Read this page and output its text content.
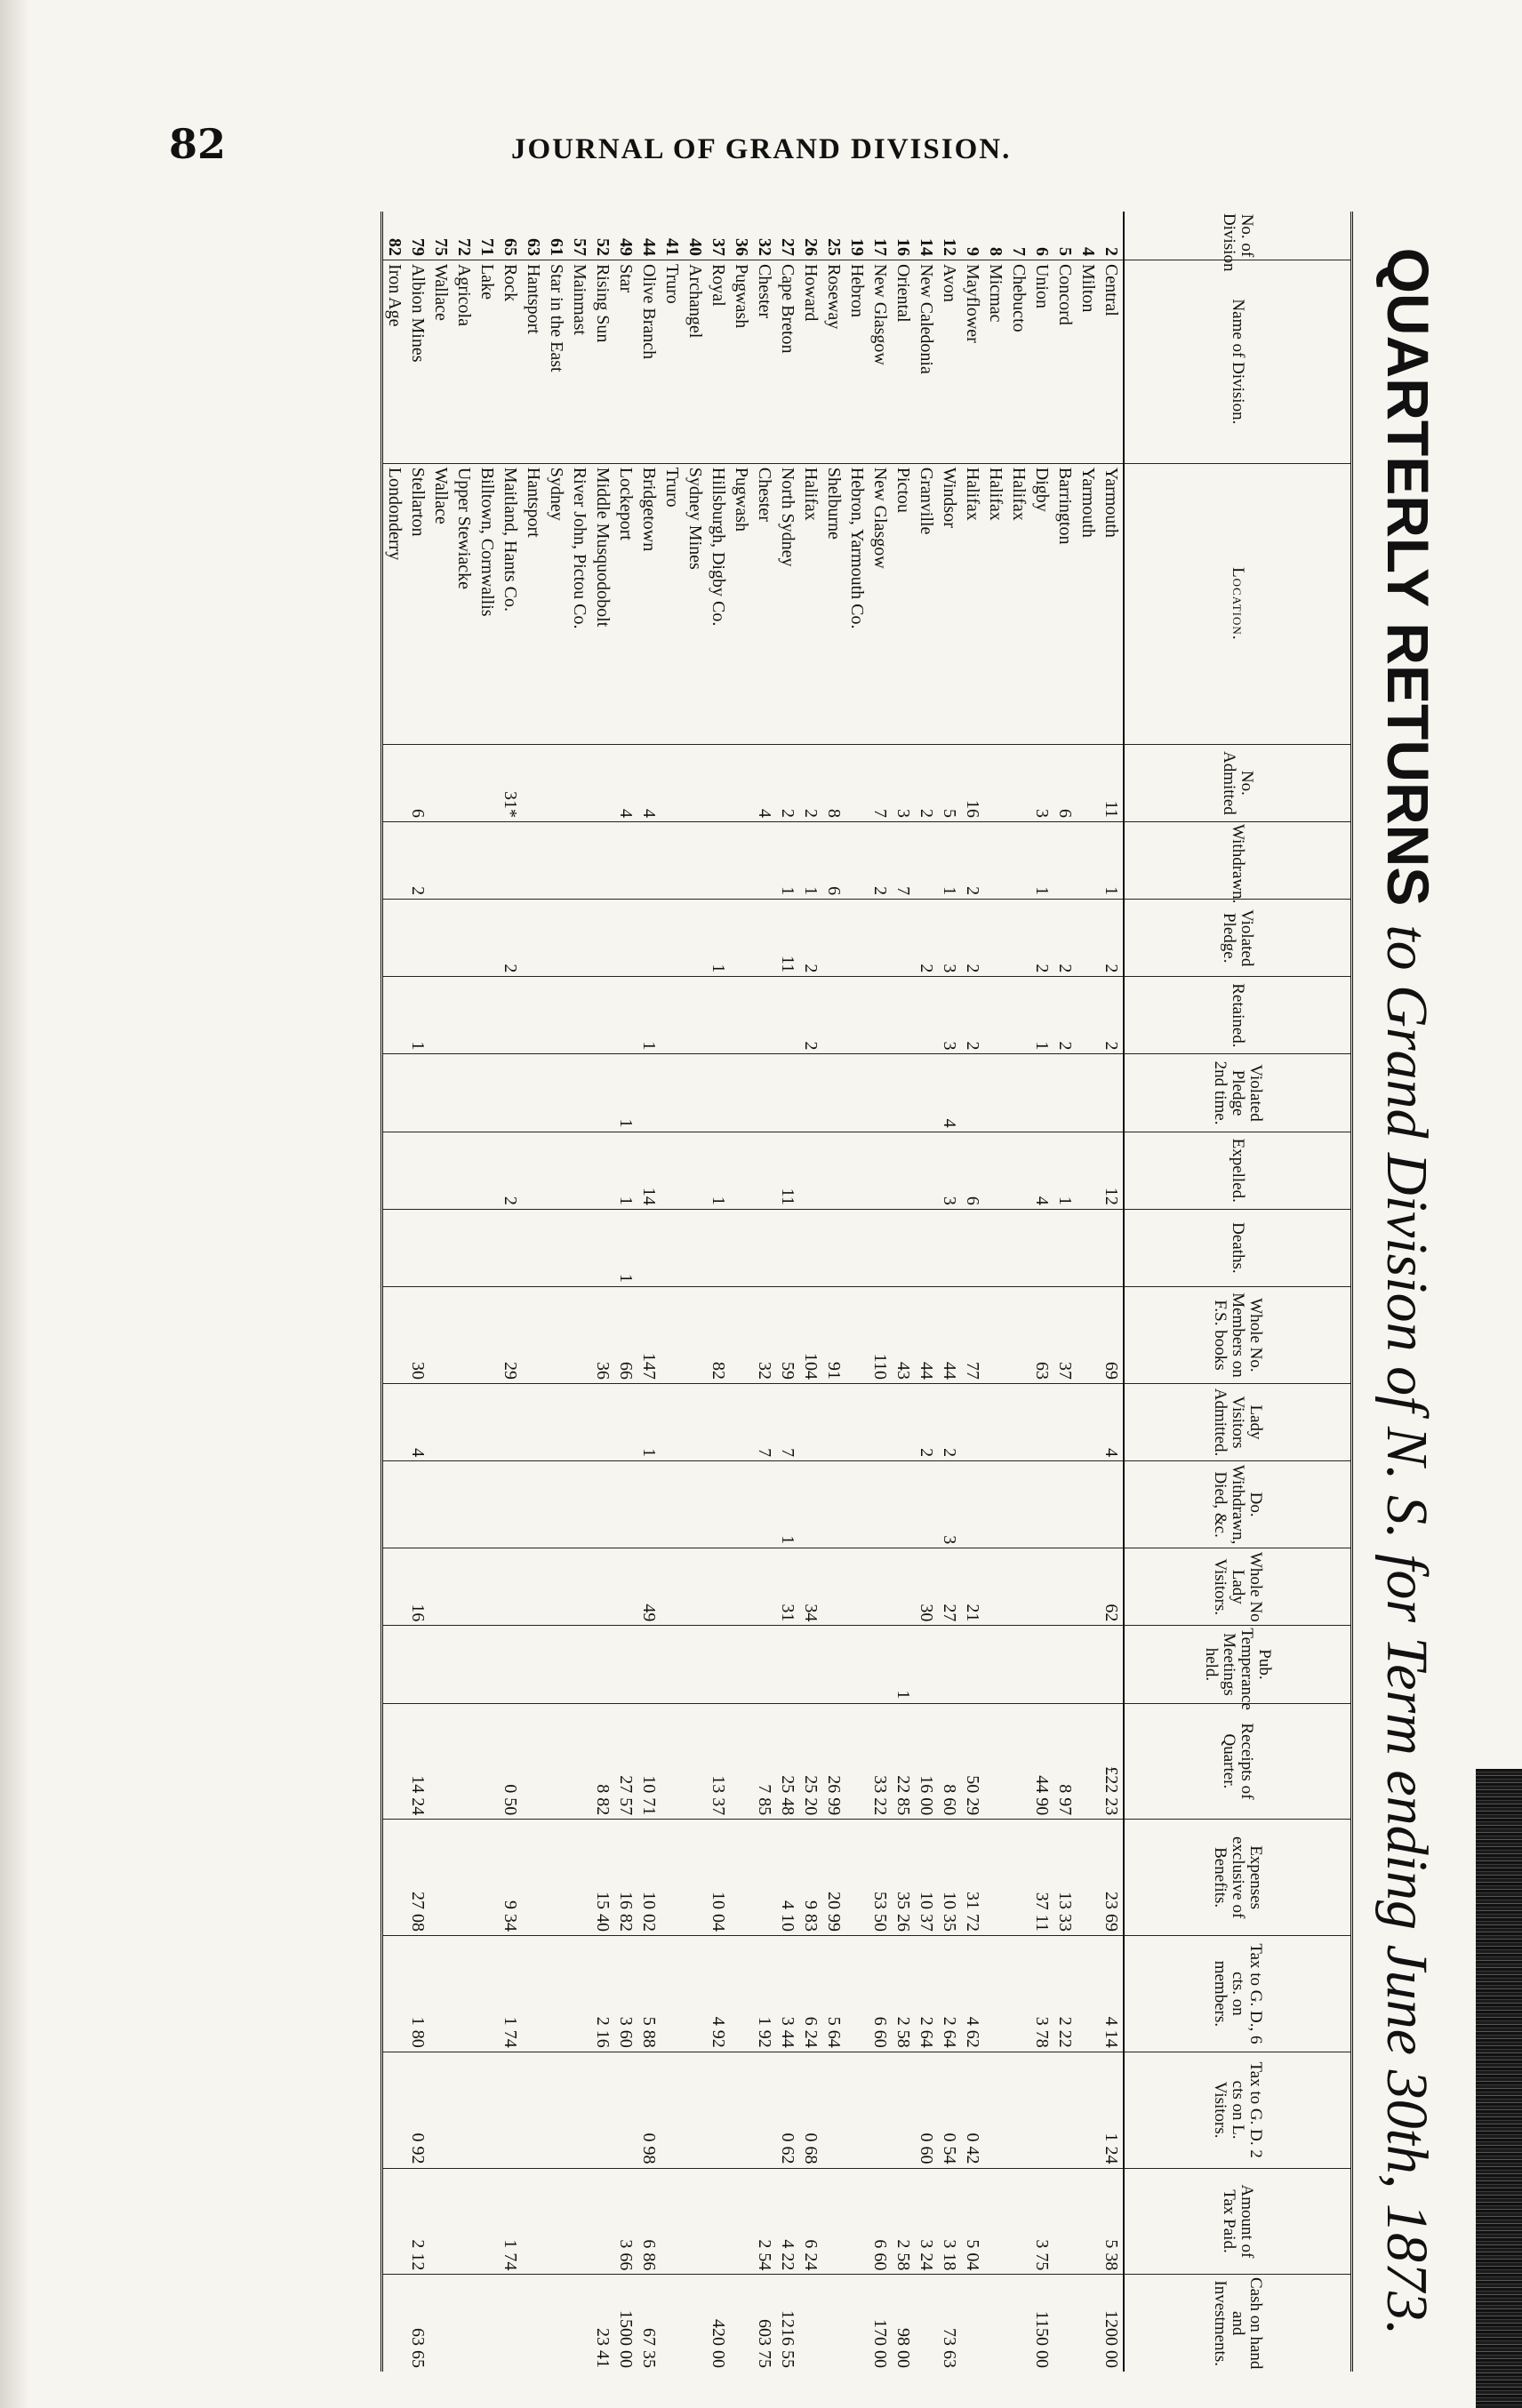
82	JOURNAL OF GRAND DIVISION.
QUARTERLY RETURNS to Grand Division of N. S. for Term ending June 30th, 1873.
No. of Division	Name of Division.	Location.	No. Admitted	Withdrawn.	Violated Pledge.	Retained.	Violated Pledge 2nd time.	Expelled.	Deaths.	Whole No. Members on F.S. books	Lady Visitors Admitted.	Do. Withdrawn, Died, &c.	Whole No Lady Visitors.	Pub. Temperance Meetings held.	Receipts of Quarter.	Expenses exclusive of Benefits.	Tax to G. D., 6 cts. on members.	Tax to G. D. 2 cts on L. Visitors.	Amount of Tax Paid.	Cash on hand and Investments.
2	Central	Yarmouth	11	1	2	2		12		69	4		62		£22 23	23 69	4 14	1 24	5 38	1200 00
4	Milton	Yarmouth																		
5	Concord	Barrington	6		2	2		1		37					8 97	13 33	2 22			
6	Union	Digby	3	1	2	1		4		63					44 90	37 11	3 78		3 75	1150 00
7	Chebucto	Halifax																		
8	Micmac	Halifax																		
9	Mayflower	Halifax	16	2	2	2		6		77			21		50 29	31 72	4 62	0 42	5 04	
12	Avon	Windsor	5	1	3	3	4	3		44	2	3	27		8 60	10 35	2 64	0 54	3 18	73 63
14	New Caledonia	Granville	2		2					44	2		30		16 00	10 37	2 64	0 60	3 24	
16	Oriental	Pictou	3	7						43				1	22 85	35 26	2 58		2 58	98 00
17	New Glasgow	New Glasgow	7	2						110					33 22	53 50	6 60		6 60	170 00
19	Hebron	Hebron, Yarmouth Co.																		
25	Roseway	Shelburne	8	6						91					26 99	20 99	5 64			
26	Howard	Halifax	2	1	2	2				104			34		25 20	9 83	6 24	0 68	6 24	
27	Cape Breton	North Sydney	2	1	11			11		59	7	1	31		25 48	4 10	3 44	0 62	4 22	1216 55
32	Chester	Chester	4							32	7				7 85		1 92		2 54	603 75
36	Pugwash	Pugwash																		
37	Royal	Hillsburgh, Digby Co.			1			1		82					13 37	10 04	4 92			420 00
40	Archangel	Sydney Mines																		
41	Truro	Truro																		
44	Olive Branch	Bridgetown	4			1		14		147	1		49		10 71	10 02	5 88	0 98	6 86	67 35
49	Star	Lockeport	4				1	1	1	66					27 57	16 82	3 60		3 66	1500 00
52	Rising Sun	Middle Musquodobolt								36					8 82	15 40	2 16			23 41
57	Mainmast	River John, Pictou Co.																		
61	Star in the East	Sydney																		
63	Hantsport	Hantsport																		
65	Rock	Maitland, Hants Co.	31*		2			2		29					0 50	9 34	1 74		1 74	
71	Lake	Billtown, Cornwallis																		
72	Agricola	Upper Stewiacke																		
75	Wallace	Wallace																		
79	Albion Mines	Stellarton	6	2		1				30	4		16		14 24	27 08	1 80	0 92	2 12	63 65
82	Iron Age	Londonderry																		
